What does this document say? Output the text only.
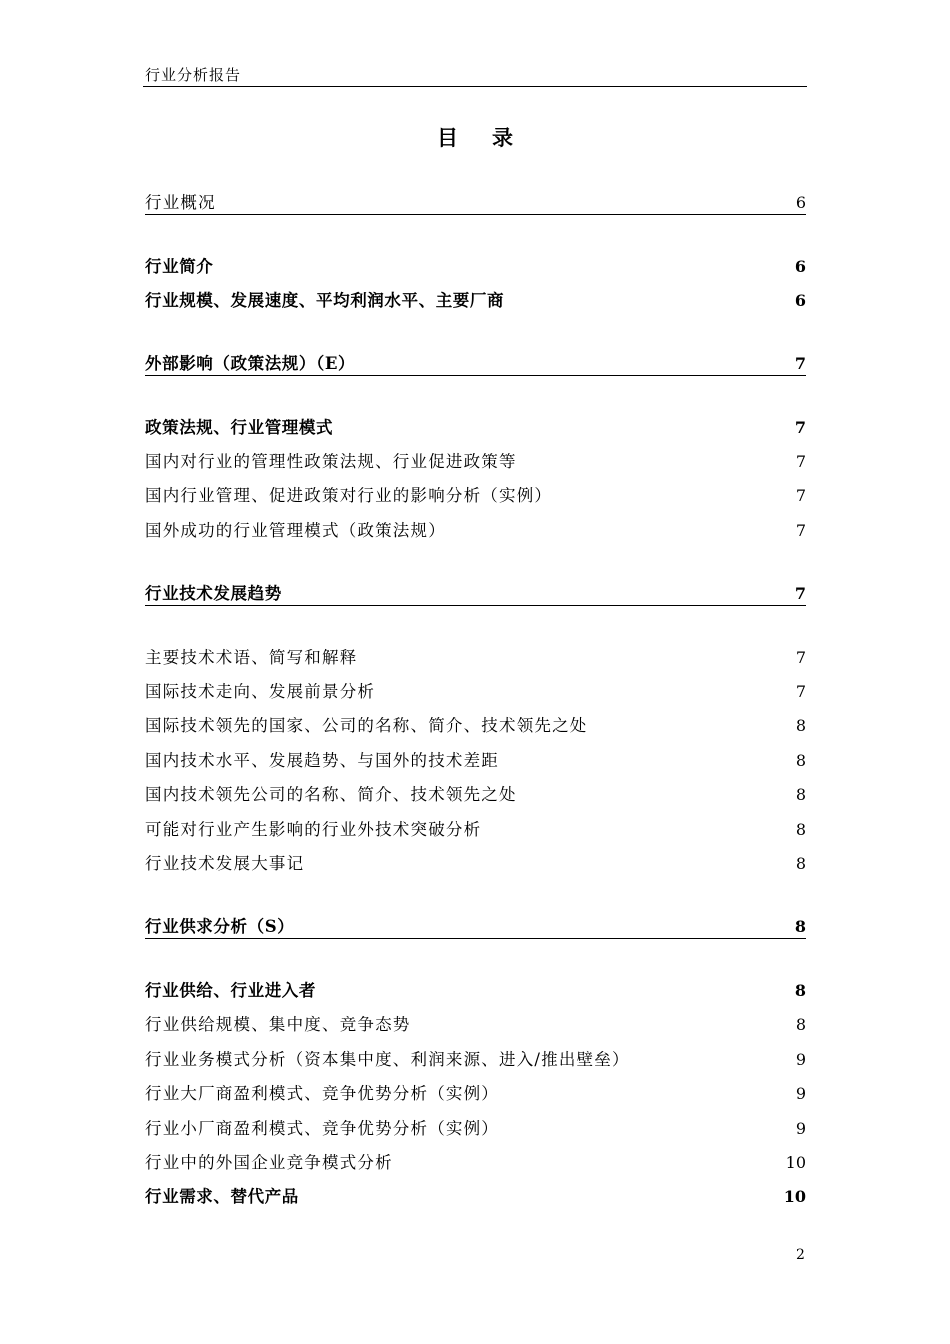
行业分析报告
目 录
行业概况	6
行业简介	6
行业规模、发展速度、平均利润水平、主要厂商	6
外部影响（政策法规）（E）	7
政策法规、行业管理模式	7
国内对行业的管理性政策法规、行业促进政策等	7
国内行业管理、促进政策对行业的影响分析（实例）	7
国外成功的行业管理模式（政策法规）	7
行业技术发展趋势	7
主要技术术语、简写和解释	7
国际技术走向、发展前景分析	7
国际技术领先的国家、公司的名称、简介、技术领先之处	8
国内技术水平、发展趋势、与国外的技术差距	8
国内技术领先公司的名称、简介、技术领先之处	8
可能对行业产生影响的行业外技术突破分析	8
行业技术发展大事记	8
行业供求分析（S）	8
行业供给、行业进入者	8
行业供给规模、集中度、竞争态势	8
行业业务模式分析（资本集中度、利润来源、进入/推出壁垒）	9
行业大厂商盈利模式、竞争优势分析（实例）	9
行业小厂商盈利模式、竞争优势分析（实例）	9
行业中的外国企业竞争模式分析	10
行业需求、替代产品	10
2
